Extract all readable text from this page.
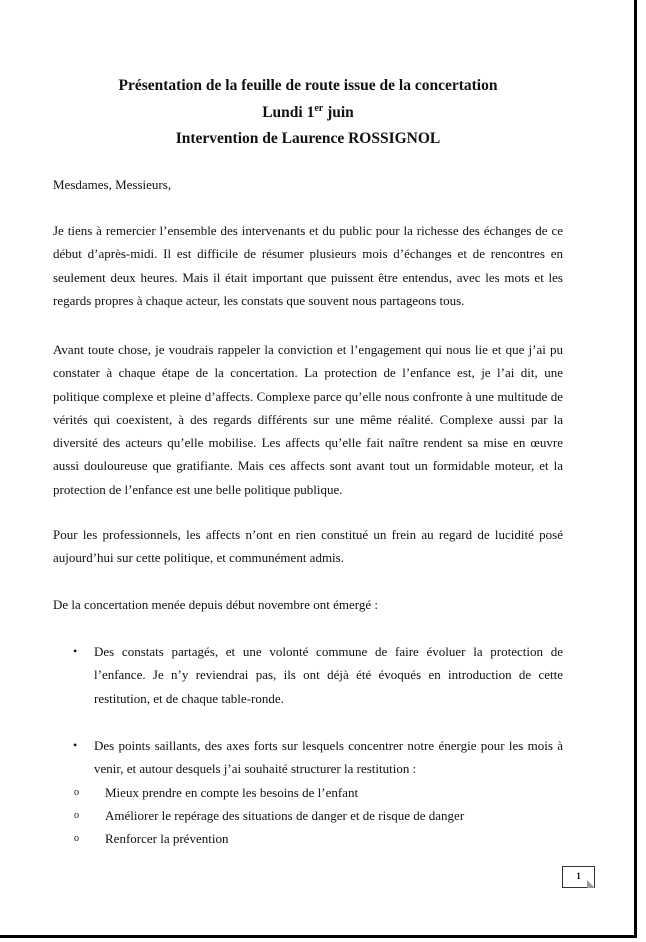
Présentation de la feuille de route issue de la concertation
Lundi 1er juin
Intervention de Laurence ROSSIGNOL

Mesdames, Messieurs,

Je tiens à remercier l’ensemble des intervenants et du public pour la richesse des échanges de ce début d’après-midi. Il est difficile de résumer plusieurs mois d’échanges et de rencontres en seulement deux heures. Mais il était important que puissent être entendus, avec les mots et les regards propres à chaque acteur, les constats que souvent nous partageons tous.

Avant toute chose, je voudrais rappeler la conviction et l’engagement qui nous lie et que j’ai pu constater à chaque étape de la concertation. La protection de l’enfance est, je l’ai dit, une politique complexe et pleine d’affects. Complexe parce qu’elle nous confronte à une multitude de vérités qui coexistent, à des regards différents sur une même réalité. Complexe aussi par la diversité des acteurs qu’elle mobilise. Les affects qu’elle fait naître rendent sa mise en œuvre aussi douloureuse que gratifiante. Mais ces affects sont avant tout un formidable moteur, et la protection de l’enfance est une belle politique publique.

Pour les professionnels, les affects n’ont en rien constitué un frein au regard de lucidité posé aujourd’hui sur cette politique, et communément admis.

De la concertation menée depuis début novembre ont émergé :

• Des constats partagés, et une volonté commune de faire évoluer la protection de l’enfance. Je n’y reviendrai pas, ils ont déjà été évoqués en introduction de cette restitution, et de chaque table-ronde.
• Des points saillants, des axes forts sur lesquels concentrer notre énergie pour les mois à venir, et autour desquels j’ai souhaité structurer la restitution :
o Mieux prendre en compte les besoins de l’enfant
o Améliorer le repérage des situations de danger et de risque de danger
o Renforcer la prévention
1
